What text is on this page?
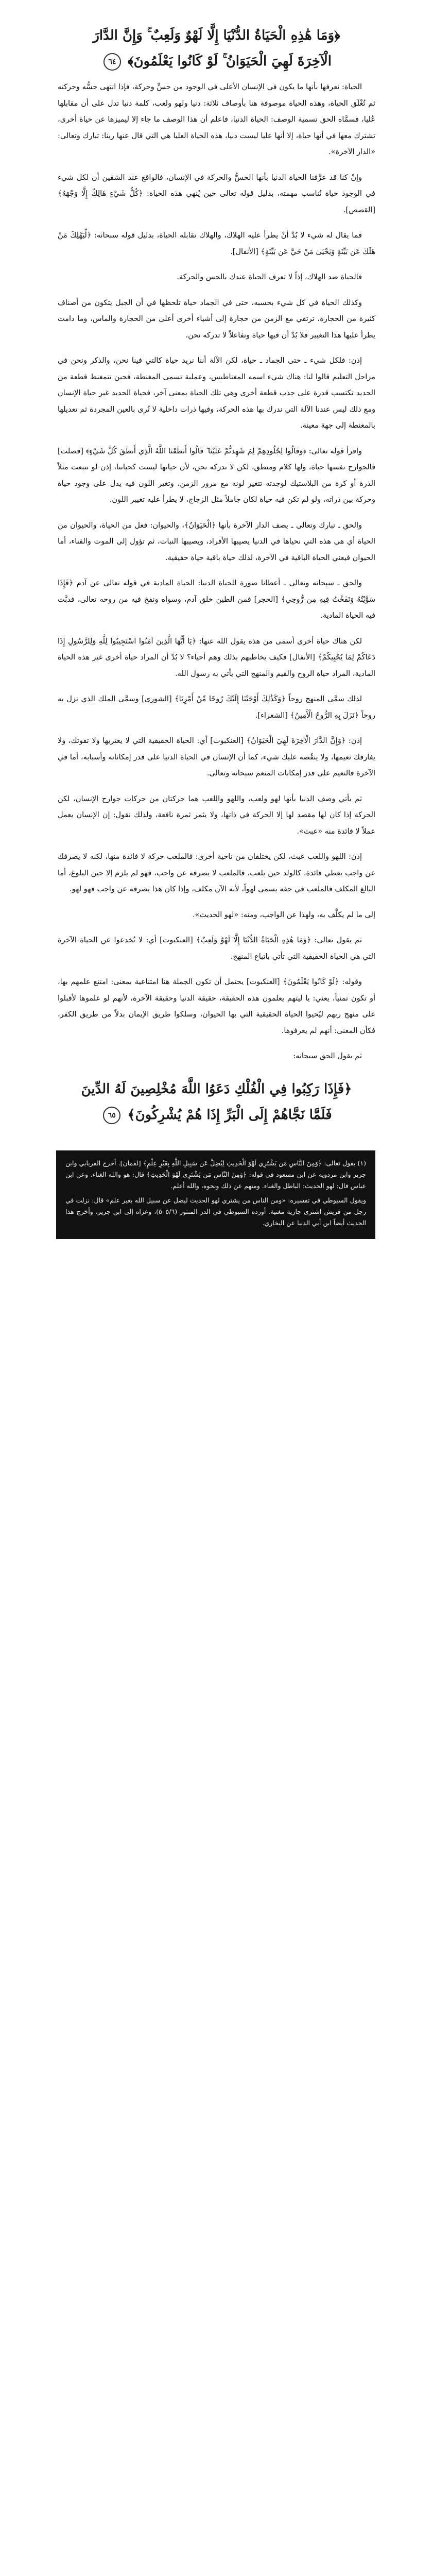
﴿وَمَا هَٰذِهِ الْحَيَاةُ الدُّنْيَا إِلَّا لَهْوٌ وَلَعِبٌ ۚ وَإِنَّ الدَّارَ
الْآخِرَةَ لَهِيَ الْحَيَوَانُ ۚ لَوْ كَانُوا يَعْلَمُونَ﴾ ٦٤

الحياة: نعرفها بأنها ما يكون في الإنسان الأعلى في الوجود من حسٍّ وحركة، فإذا انتهى حسُّه وحركته ثم تُغْلَق الحياة، وهذه الحياة موصوفة هنا بأوصاف ثلاثة: دنيا ولهو ولعب، كلمة دنيا تدل على أن مقابلها عُليا، فسمَّاه الحق تسمية الوصف: الحياة الدنيا، فاعلم أن هذا الوصف ما جاء إلا ليميزها عن حياة أخرى، تشترك معها في أنها حياة، إلا أنها عليا ليست دنيا، هذه الحياة العليا هي التي قال عنها ربنا: تبارك وتعالى: «الدار الآخرة».

وإنْ كنا قد عرَّفنا الحياة الدنيا بأنها الحسُّ والحركة في الإنسان، فالواقع عند الشقين أن لكل شيء في الوجود حياة تُناسب مهمته، بدليل قوله تعالى حين يُنهي هذه الحياة: ﴿كُلُّ شَيْءٍ هَالِكٌ إِلَّا وَجْهَهُ﴾ [القصص].

فما يقال له شيء لا بُدَّ أنْ يطرأ عليه الهلاك، والهلاك تقابله الحياة، بدليل قوله سبحانه: ﴿لِّيَهْلِكَ مَنْ هَلَكَ عَن بَيِّنَةٍ وَيَحْيَىٰ مَنْ حَيَّ عَن بَيِّنَةٍ﴾ [الأنفال].

فالحياة ضد الهلاك، إذاً لا تعرف الحياة عندك بالحس والحركة.

وكذلك الحياة في كل شيء بحسبه، حتى في الجماد حياة تلحظها في أن الجبل يتكون من أصناف كثيرة من الحجارة، ترتقي مع الزمن من حجارة إلى أشياء أخرى أعلى من الحجارة والماس، وما دامت يطرأ عليها هذا التغيير فلا بُدَّ أن فيها حياة وتفاعلاً لا تدركه نحن.

إذن: فلكل شيء ـ حتى الجماد ـ حياة، لكن الآلة أننا نريد حياة كالتي فينا نحن، والذكر ونحن في مراحل التعليم قالوا لنا: هناك شيء اسمه المغناطيس، وعملية تسمى المغنطة، فحين تتمغنط قطعة من الحديد تكتسب قدرة على جذب قطعة أخرى وهي تلك الحياة بمعنى آخر، فحياة الحديد غير حياة الإنسان ومع ذلك ليس عندنا الآلة التي ندرك بها هذه الحركة، وفيها ذرات داخلية لا تُرى بالعين المجردة ثم تعديلها بالمغنطة إلى جهة معينة.

واقرأ قوله تعالى: ﴿وَقَالُوا لِجُلُودِهِمْ لِمَ شَهِدتُّمْ عَلَيْنَا ۖ قَالُوا أَنطَقَنَا اللَّهُ الَّذِي أَنطَقَ كُلَّ شَيْءٍ﴾ [فصلت] فالجوارح نفسها حياة، ولها كلام ومنطق، لكن لا ندركه نحن، لأن حياتها ليست كحياتنا، إذن لو تتبعت مثلاً الذرة أو كرة من البلاستيك لوجدته تتغير لونه مع مرور الزمن، وتغير اللون فيه يدل على وجود حياة وحركة بين ذراته، ولو لم تكن فيه حياة لكان جاملاً مثل الزجاج، لا يطرأ عليه تغيير اللون.

والحق ـ تبارك وتعالى ـ يصف الدار الآخرة بأنها ﴿الْحَيَوَانُ﴾، والحيوان: فعل من الحياة، والحيوان من الحياة أي هي هذه التي نحياها في الدنيا يصيبها الأفراد، ويصيبها النبات، ثم تؤول إلى الموت والفناء، أما الحيوان فيعني الحياة الباقية في الآخرة، لذلك حياة باقية حياة حقيقية.

والحق ـ سبحانه وتعالى ـ أعطانا صورة للحياة الدنيا: الحياة المادية في قوله تعالى عن آدم ﴿فَإِذَا سَوَّيْتُهُ وَنَفَخْتُ فِيهِ مِن رُّوحِي﴾ [الحجر] فمن الطين خلق آدم، وسواه ونفخ فيه من روحه تعالى، فدبَّت فيه الحياة المادية.

لكن هناك حياة أخرى أسمى من هذه يقول الله عنها: ﴿يَا أَيُّهَا الَّذِينَ آمَنُوا اسْتَجِيبُوا لِلَّهِ وَلِلرَّسُولِ إِذَا دَعَاكُمْ لِمَا يُحْيِيكُمْ﴾ [الأنفال] فكيف يخاطبهم بذلك وهم أحياء؟ لا بُدَّ أن المراد حياة أخرى غير هذه الحياة المادية، المراد حياة الروح والقيم والمنهج التي يأتي به رسول الله.

لذلك سمَّى المنهج روحاً ﴿وَكَذَٰلِكَ أَوْحَيْنَا إِلَيْكَ رُوحًا مِّنْ أَمْرِنَا﴾ [الشورى] وسمَّى الملك الذي نزل به روحاً ﴿نَزَلَ بِهِ الرُّوحُ الْأَمِينُ﴾ [الشعراء].

إذن: ﴿وَإِنَّ الدَّارَ الْآخِرَةَ لَهِيَ الْحَيَوَانُ﴾ [العنكبوت] أي: الحياة الحقيقية التي لا يعتريها ولا تفوتك، ولا يفارقك نعيمها، ولا ينقُصه عليك شيء، كما أن الإنسان في الحياة الدنيا على قدر إمكاناته وأسبابه، أما في الآخرة فالنعيم على قدر إمكانات المنعم سبحانه وتعالى.

ثم يأتي وصف الدنيا بأنها لهو ولعب، واللهو واللعب هما حركتان من حركات جوارح الإنسان، لكن الحركة إذا كان لها مقصد لها إلا الحركة في ذاتها، ولا يثمر ثمرة نافعة، ولذلك نقول: إن الإنسان يعمل عملاً لا فائدة منه «عبث».

إذن: اللهو واللعب عبث، لكن يختلفان من ناحية أخرى: فالملعب حركة لا فائدة منها، لكنه لا يصرفك عن واجب يعطي فائدة، كالولد حين يلعب، فالملعب لا يصرفه عن واجب، فهو لم يلزم إلا حين البلوغ، أما البالغ المكلف فالملعب في حقه يسمى لهواً، لأنه الآن مكلف، وإذا كان هذا يصرفه عن واجب فهو لهو.

إلى ما لم يكلَّف به، ولهذا عن الواجب، ومنه: «لهو الحديث».

ثم يقول تعالى: ﴿وَمَا هَٰذِهِ الْحَيَاةُ الدُّنْيَا إِلَّا لَهْوٌ وَلَعِبٌ﴾ [العنكبوت] أي: لا تُخدعوا عن الحياة الآخرة التي هي الحياة الحقيقية التي تأتي باتباع المنهج.

وقوله: ﴿لَوْ كَانُوا يَعْلَمُونَ﴾ [العنكبوت] يحتمل أن تكون الجملة هنا امتناعية بمعنى: امتنع علمهم بها، أو تكون تمنياً، يعني: يا ليتهم يعلمون هذه الحقيقة، حقيقة الدنيا وحقيقة الآخرة، لأنهم لو علموها لأقبلوا على منهج ربهم ليُحيوا الحياة الحقيقية التي بها الحيوان، وسلكوا طريق الإيمان بدلاً من طريق الكفر، فكأن المعنى: أنهم لم يعرفوها.

ثم يقول الحق سبحانه:

﴿فَإِذَا رَكِبُوا فِي الْفُلْكِ دَعَوُا اللَّهَ مُخْلِصِينَ لَهُ الدِّينَ
فَلَمَّا نَجَّاهُمْ إِلَى الْبَرِّ إِذَا هُمْ يُشْرِكُونَ﴾ ٦٥

(١) يقول تعالى: ﴿وَمِنَ النَّاسِ مَن يَشْتَرِي لَهْوَ الْحَدِيثِ لِيُضِلَّ عَن سَبِيلِ اللَّهِ بِغَيْرِ عِلْمٍ﴾ [لقمان]. أخرج الفريابي وابن جرير وابن مردويه عن ابن مسعود في قوله: ﴿وَمِنَ النَّاسِ مَن يَشْتَرِي لَهْوَ الْحَدِيثِ﴾ قال: هو والله الغناء. وعن ابن عباس قال: لهو الحديث: الباطل والغناء. ومنهم عن ذلك ونحوه، والله أعلم.

ويقول السيوطي في تفسيره: «ومن الناس من يشتري لهو الحديث ليضل عن سبيل الله بغير علم» قال: نزلت في رجل من قريش اشترى جارية مغنية. أورده السيوطي في الدر المنثور (٥٠٥/٦)، وعزاه إلى ابن جرير، وأخرج هذا الحديث أيضاً ابن أبي الدنيا عن البخاري.
